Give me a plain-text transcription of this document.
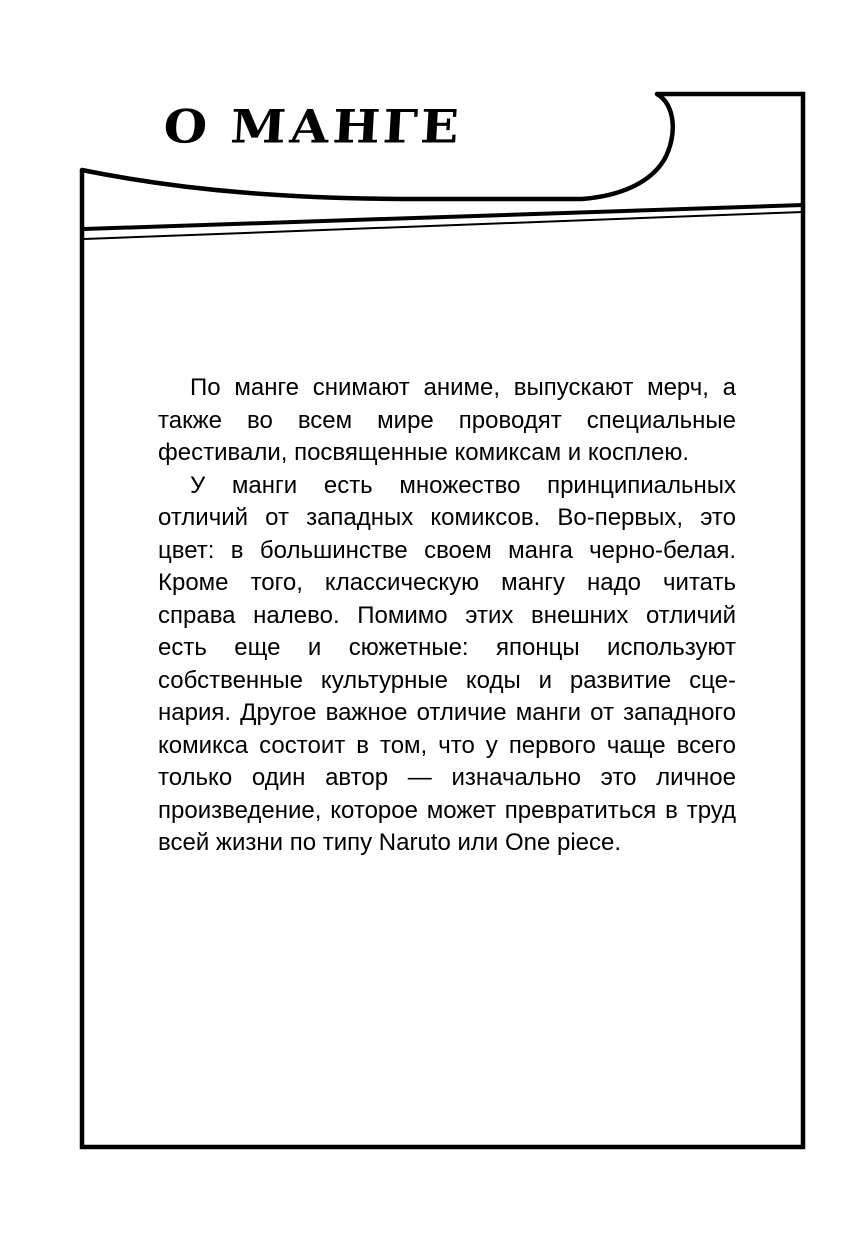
О МАНГЕ

По манге снимают аниме, выпускают мерч, а также во всем мире проводят специальные фестивали, посвященные комиксам и косплею.

У манги есть множество принципиальных отличий от западных комиксов. Во-первых, это цвет: в большинстве своем манга черно-белая. Кроме того, классическую мангу надо читать справа налево. Помимо этих внешних отличий есть еще и сюжетные: японцы используют собственные культурные коды и развитие сценария. Другое важное отличие манги от западного комикса состоит в том, что у первого чаще всего только один автор — изначально это личное произведение, которое может превратиться в труд всей жизни по типу Naruto или One piece.
